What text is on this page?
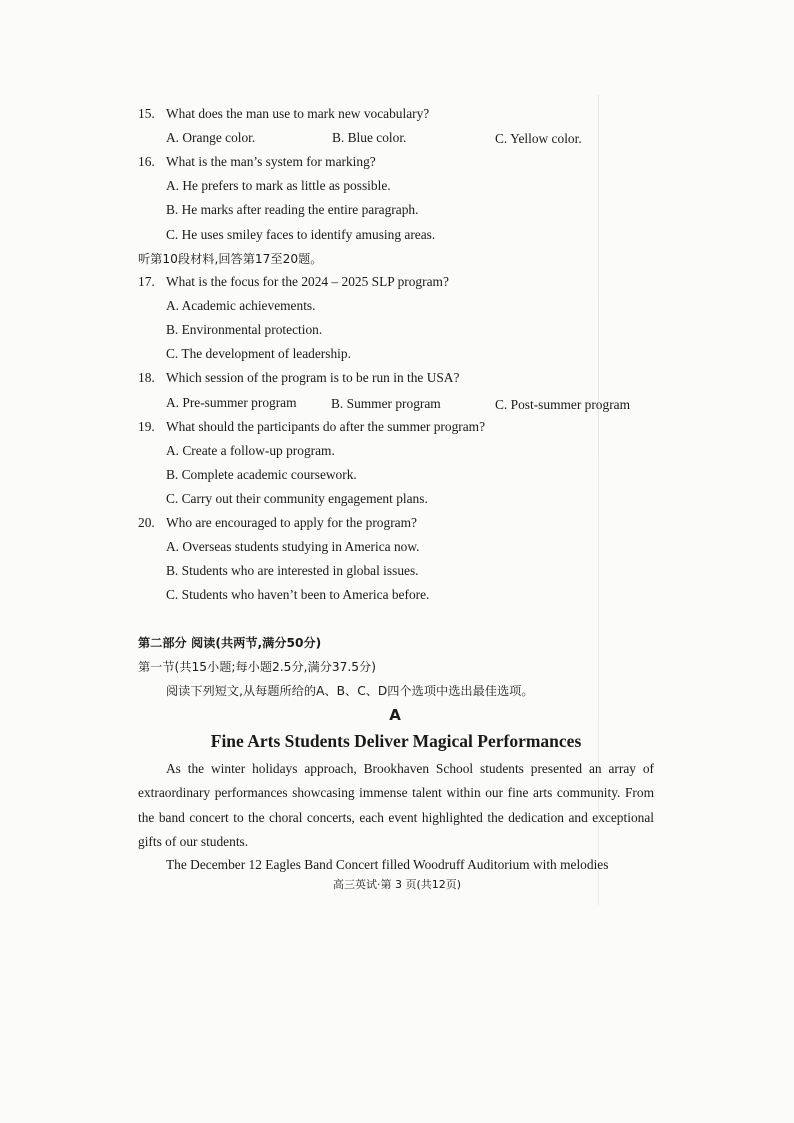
15. What does the man use to mark new vocabulary?
A. Orange color.	B. Blue color.	C. Yellow color.
16. What is the man’s system for marking?
A. He prefers to mark as little as possible.
B. He marks after reading the entire paragraph.
C. He uses smiley faces to identify amusing areas.
听第10段材料,回答第17至20题。
17. What is the focus for the 2024 – 2025 SLP program?
A. Academic achievements.
B. Environmental protection.
C. The development of leadership.
18. Which session of the program is to be run in the USA?
A. Pre-summer program	B. Summer program	C. Post-summer program
19. What should the participants do after the summer program?
A. Create a follow-up program.
B. Complete academic coursework.
C. Carry out their community engagement plans.
20. Who are encouraged to apply for the program?
A. Overseas students studying in America now.
B. Students who are interested in global issues.
C. Students who haven’t been to America before.
第二部分 阅读(共两节,满分50分)
第一节(共15小题;每小题2.5分,满分37.5分)
阅读下列短文,从每题所给的A、B、C、D四个选项中选出最佳选项。
A
Fine Arts Students Deliver Magical Performances
As the winter holidays approach, Brookhaven School students presented an array of extraordinary performances showcasing immense talent within our fine arts community. From the band concert to the choral concerts, each event highlighted the dedication and exceptional gifts of our students.
The December 12 Eagles Band Concert filled Woodruff Auditorium with melodies
高三英试·第 3 页(共12页)
